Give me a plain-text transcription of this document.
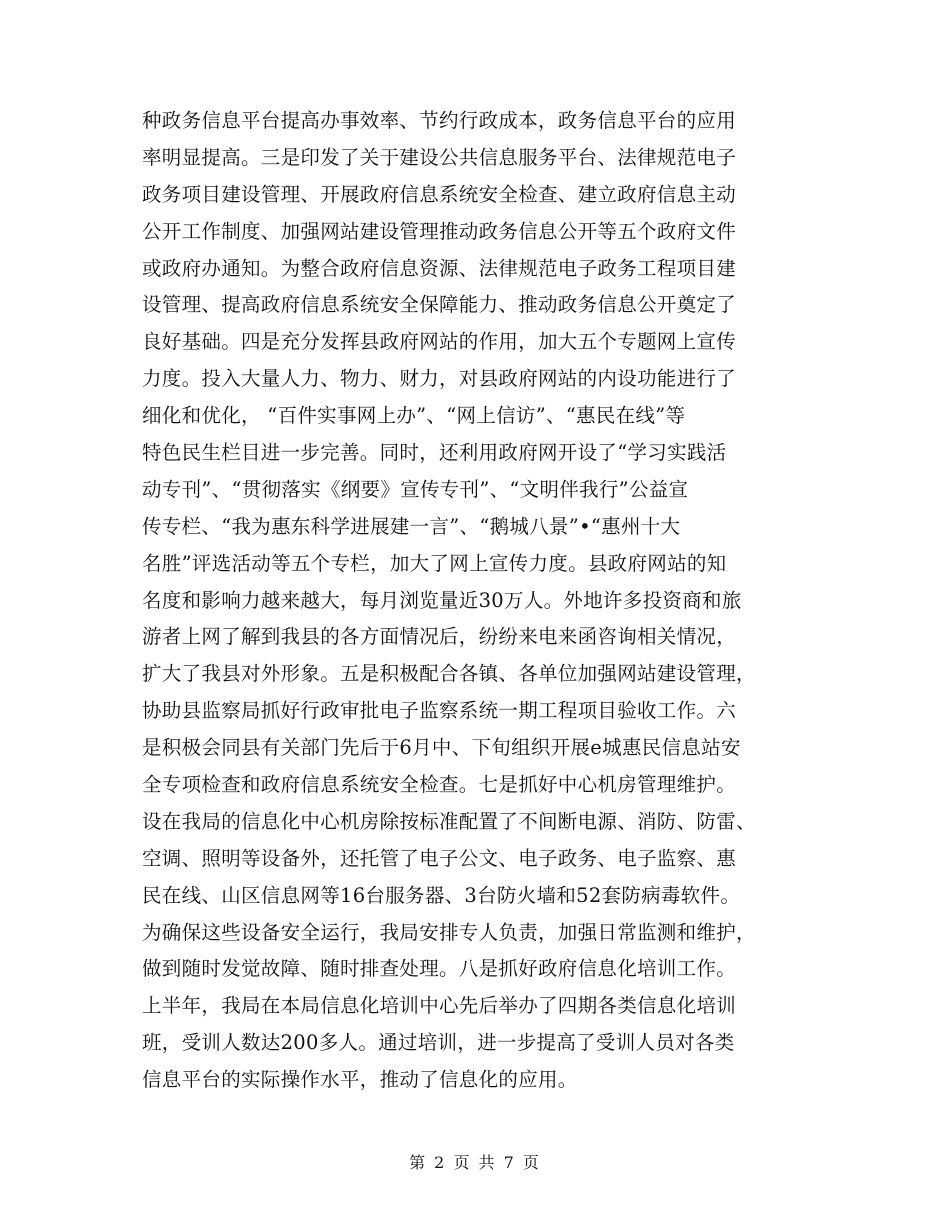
种政务信息平台提高办事效率、节约行政成本，政务信息平台的应用
率明显提高。三是印发了关于建设公共信息服务平台、法律规范电子
政务项目建设管理、开展政府信息系统安全检查、建立政府信息主动
公开工作制度、加强网站建设管理推动政务信息公开等五个政府文件
或政府办通知。为整合政府信息资源、法律规范电子政务工程项目建
设管理、提高政府信息系统安全保障能力、推动政务信息公开奠定了
良好基础。四是充分发挥县政府网站的作用，加大五个专题网上宣传
力度。投入大量人力、物力、财力，对县政府网站的内设功能进行了
细化和优化， “百件实事网上办”、“网上信访”、“惠民在线”等
特色民生栏目进一步完善。同时，还利用政府网开设了“学习实践活
动专刊”、“贯彻落实《纲要》宣传专刊”、“文明伴我行”公益宣
传专栏、“我为惠东科学进展建一言”、“鹅城八景”•“惠州十大
名胜”评选活动等五个专栏，加大了网上宣传力度。县政府网站的知
名度和影响力越来越大，每月浏览量近30万人。外地许多投资商和旅
游者上网了解到我县的各方面情况后，纷纷来电来函咨询相关情况，
扩大了我县对外形象。五是积极配合各镇、各单位加强网站建设管理，
协助县监察局抓好行政审批电子监察系统一期工程项目验收工作。六
是积极会同县有关部门先后于6月中、下旬组织开展e城惠民信息站安
全专项检查和政府信息系统安全检查。七是抓好中心机房管理维护。
设在我局的信息化中心机房除按标准配置了不间断电源、消防、防雷、
空调、照明等设备外，还托管了电子公文、电子政务、电子监察、惠
民在线、山区信息网等16台服务器、3台防火墙和52套防病毒软件。
为确保这些设备安全运行，我局安排专人负责，加强日常监测和维护，
做到随时发觉故障、随时排查处理。八是抓好政府信息化培训工作。
上半年，我局在本局信息化培训中心先后举办了四期各类信息化培训
班，受训人数达200多人。通过培训，进一步提高了受训人员对各类
信息平台的实际操作水平，推动了信息化的应用。
第 2 页 共 7 页
